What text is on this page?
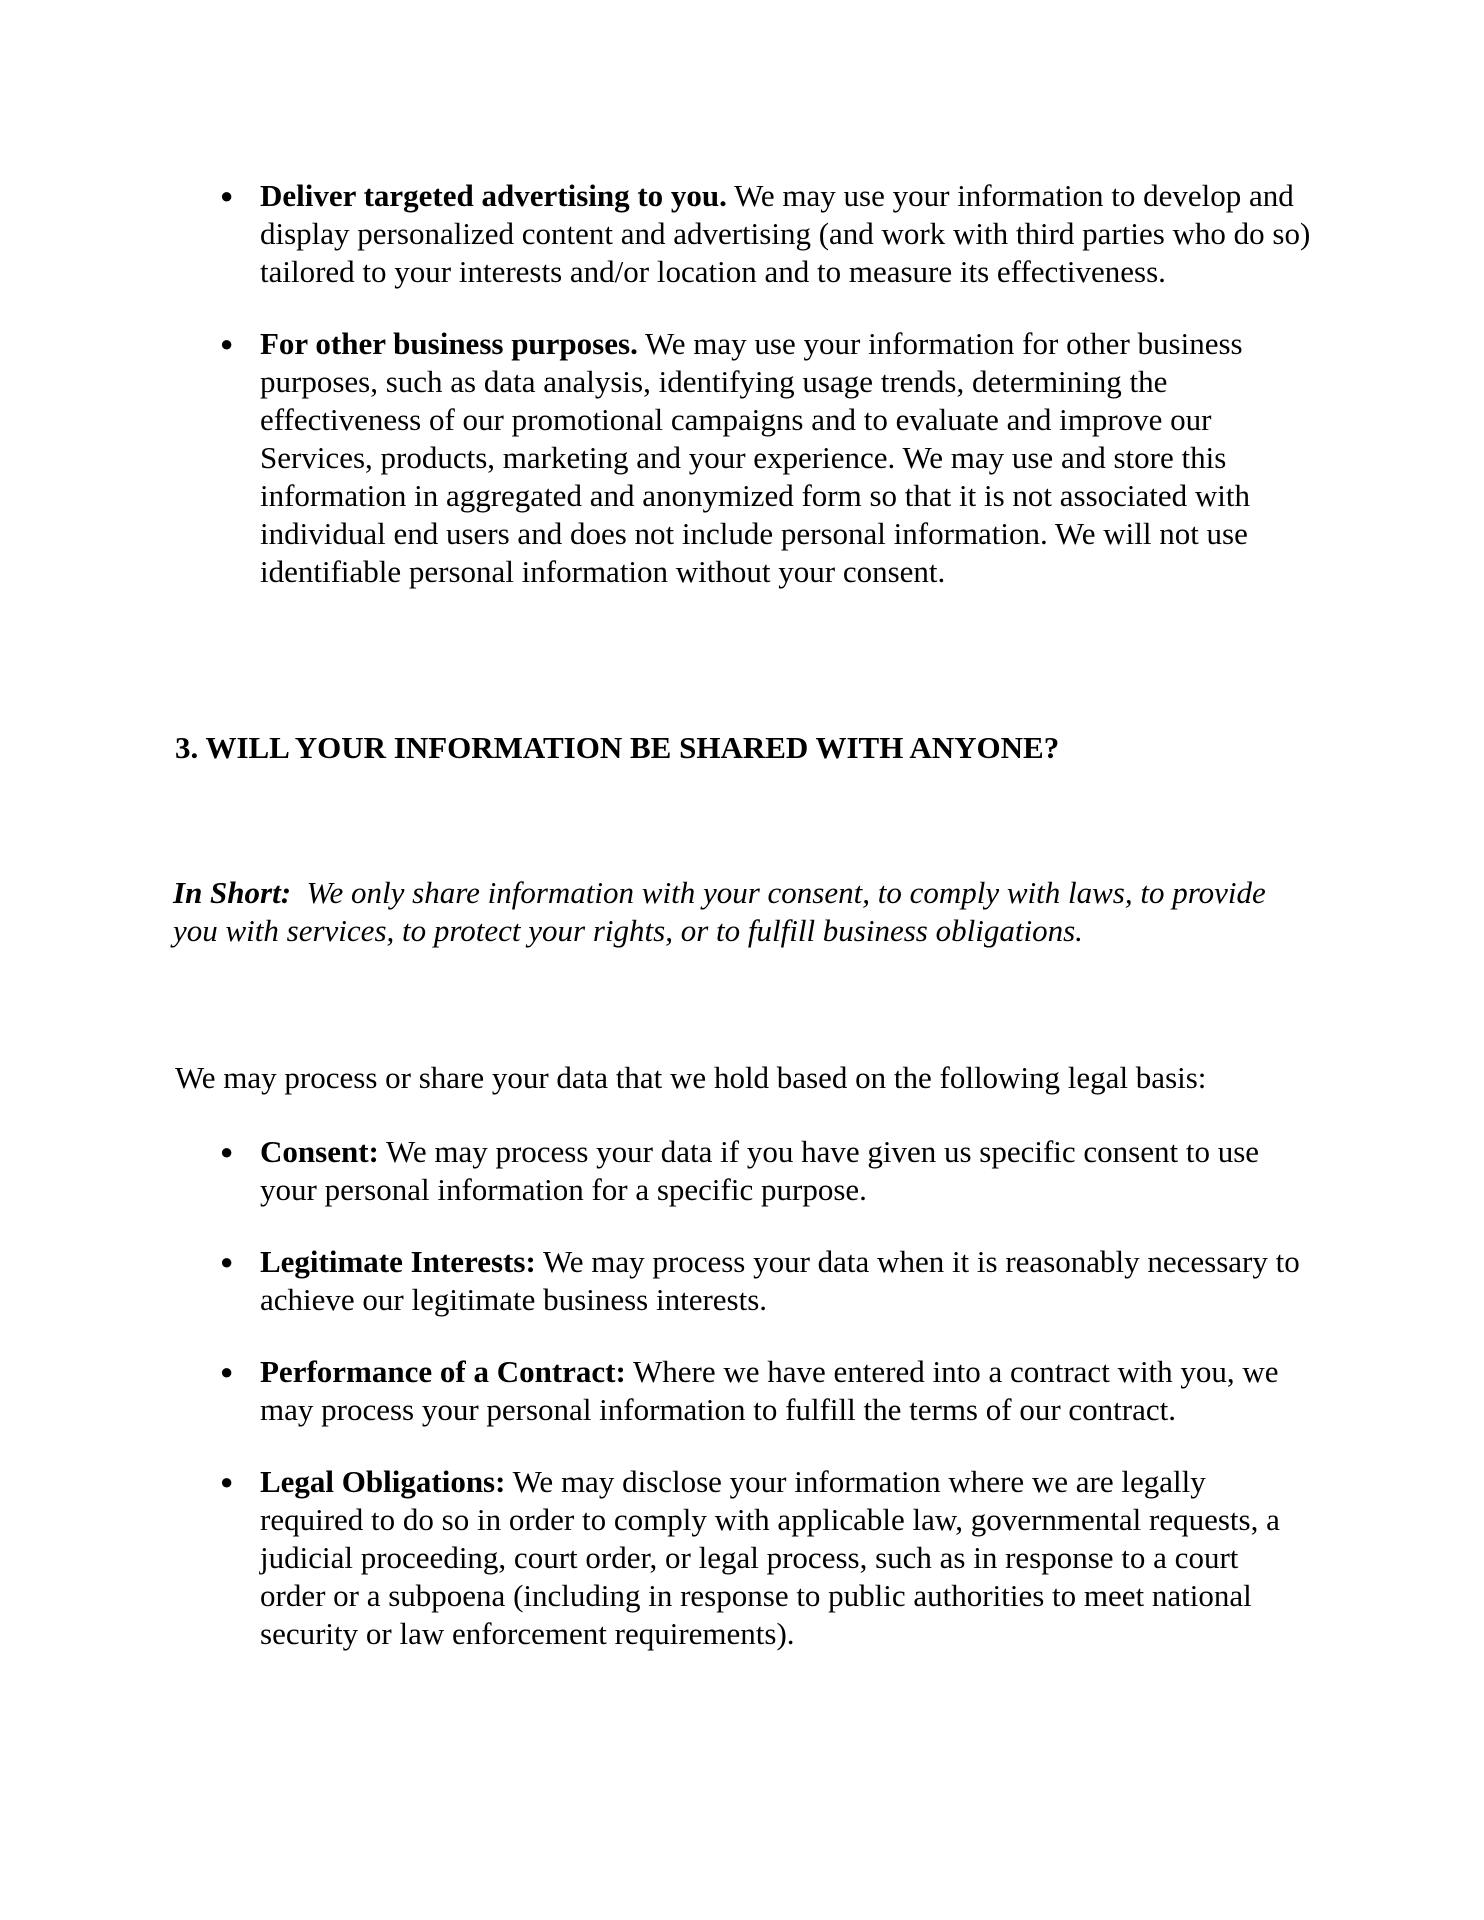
● Deliver targeted advertising to you. We may use your information to develop and display personalized content and advertising (and work with third parties who do so) tailored to your interests and/or location and to measure its effectiveness.
● For other business purposes. We may use your information for other business purposes, such as data analysis, identifying usage trends, determining the effectiveness of our promotional campaigns and to evaluate and improve our Services, products, marketing and your experience. We may use and store this information in aggregated and anonymized form so that it is not associated with individual end users and does not include personal information. We will not use identifiable personal information without your consent.
3. WILL YOUR INFORMATION BE SHARED WITH ANYONE?

In Short: We only share information with your consent, to comply with laws, to provide you with services, to protect your rights, or to fulfill business obligations.

We may process or share your data that we hold based on the following legal basis:

● Consent: We may process your data if you have given us specific consent to use your personal information for a specific purpose.
● Legitimate Interests: We may process your data when it is reasonably necessary to achieve our legitimate business interests.
● Performance of a Contract: Where we have entered into a contract with you, we may process your personal information to fulfill the terms of our contract.
● Legal Obligations: We may disclose your information where we are legally required to do so in order to comply with applicable law, governmental requests, a judicial proceeding, court order, or legal process, such as in response to a court order or a subpoena (including in response to public authorities to meet national security or law enforcement requirements).
